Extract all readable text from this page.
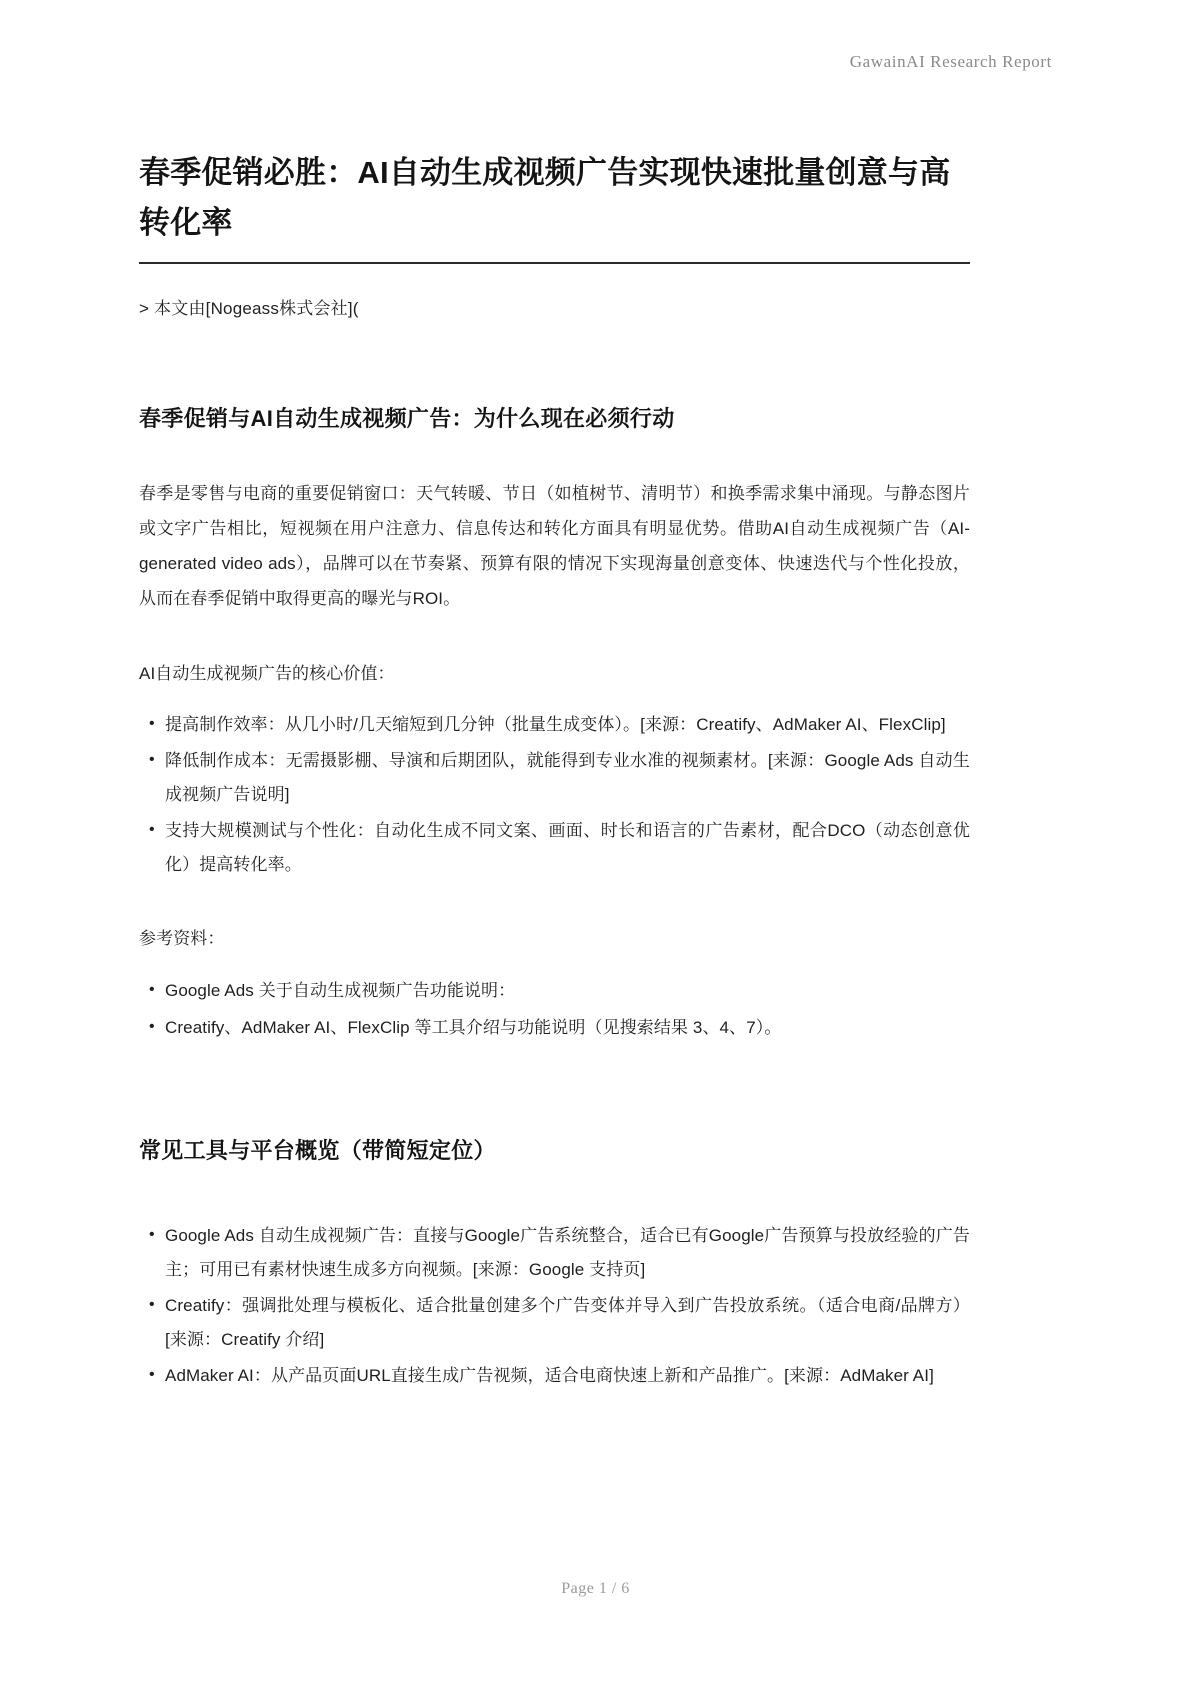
GawainAI Research Report
春季促销必胜：AI自动生成视频广告实现快速批量创意与高转化率
> 本文由[Nogeass株式会社](
春季促销与AI自动生成视频广告：为什么现在必须行动

春季是零售与电商的重要促销窗口：天气转暖、节日（如植树节、清明节）和换季需求集中涌现。与静态图片或文字广告相比，短视频在用户注意力、信息传达和转化方面具有明显优势。借助AI自动生成视频广告（AI-generated video ads），品牌可以在节奏紧、预算有限的情况下实现海量创意变体、快速迭代与个性化投放，从而在春季促销中取得更高的曝光与ROI。

AI自动生成视频广告的核心价值：

• 提高制作效率：从几小时/几天缩短到几分钟（批量生成变体）。[来源：Creatify、AdMaker AI、FlexClip]
• 降低制作成本：无需摄影棚、导演和后期团队，就能得到专业水准的视频素材。[来源：Google Ads 自动生成视频广告说明]
• 支持大规模测试与个性化：自动化生成不同文案、画面、时长和语言的广告素材，配合DCO（动态创意优化）提高转化率。

参考资料：

• Google Ads 关于自动生成视频广告功能说明：
• Creatify、AdMaker AI、FlexClip 等工具介绍与功能说明（见搜索结果 3、4、7）。
常见工具与平台概览（带简短定位）
• Google Ads 自动生成视频广告：直接与Google广告系统整合，适合已有Google广告预算与投放经验的广告主；可用已有素材快速生成多方向视频。[来源：Google 支持页]
• Creatify：强调批处理与模板化、适合批量创建多个广告变体并导入到广告投放系统。（适合电商/品牌方）[来源：Creatify 介绍]
• AdMaker AI：从产品页面URL直接生成广告视频，适合电商快速上新和产品推广。[来源：AdMaker AI]
Page 1 / 6
